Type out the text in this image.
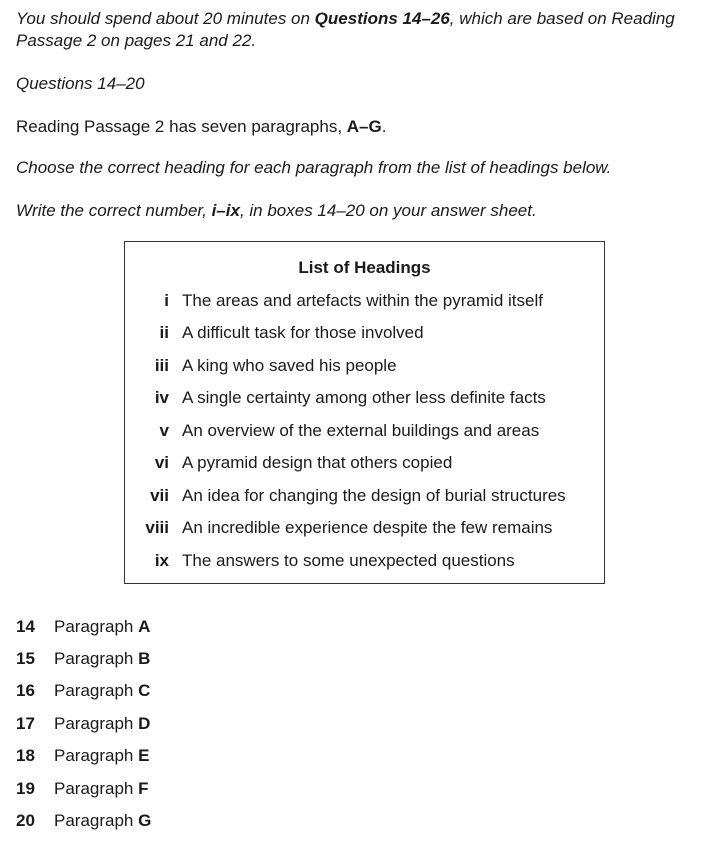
You should spend about 20 minutes on Questions 14–26, which are based on Reading Passage 2 on pages 21 and 22.
Questions 14–20
Reading Passage 2 has seven paragraphs, A–G.
Choose the correct heading for each paragraph from the list of headings below.
Write the correct number, i–ix, in boxes 14–20 on your answer sheet.
List of Headings
i The areas and artefacts within the pyramid itself
ii A difficult task for those involved
iii A king who saved his people
iv A single certainty among other less definite facts
v An overview of the external buildings and areas
vi A pyramid design that others copied
vii An idea for changing the design of burial structures
viii An incredible experience despite the few remains
ix The answers to some unexpected questions
14 Paragraph A
15 Paragraph B
16 Paragraph C
17 Paragraph D
18 Paragraph E
19 Paragraph F
20 Paragraph G
